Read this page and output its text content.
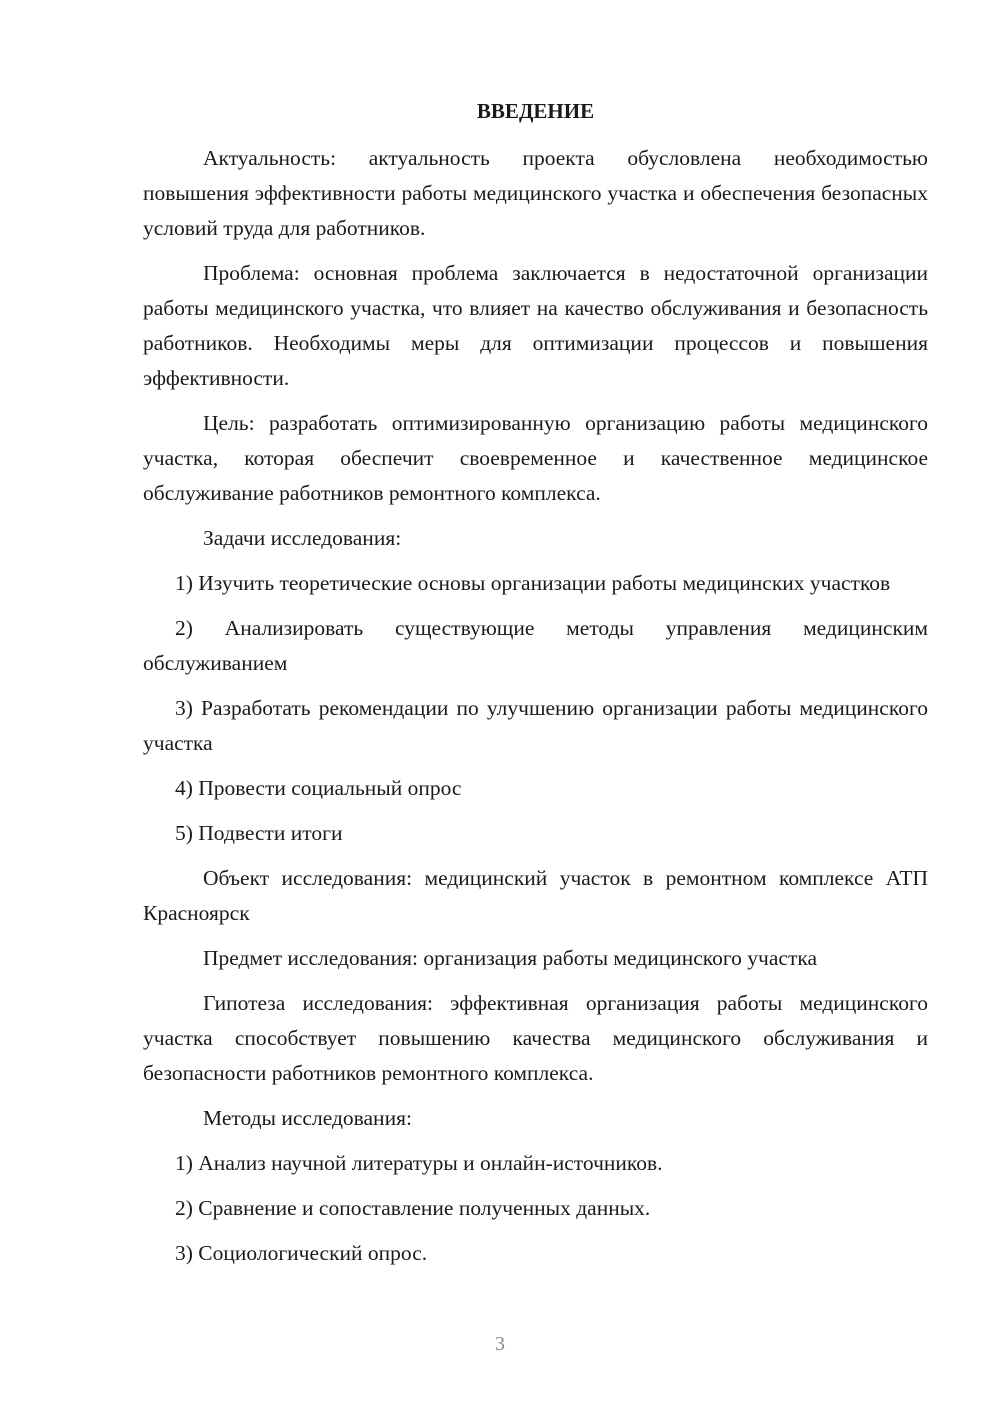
ВВЕДЕНИЕ

Актуальность: актуальность проекта обусловлена необходимостью повышения эффективности работы медицинского участка и обеспечения безопасных условий труда для работников.

Проблема: основная проблема заключается в недостаточной организации работы медицинского участка, что влияет на качество обслуживания и безопасность работников. Необходимы меры для оптимизации процессов и повышения эффективности.

Цель: разработать оптимизированную организацию работы медицинского участка, которая обеспечит своевременное и качественное медицинское обслуживание работников ремонтного комплекса.

Задачи исследования:

1) Изучить теоретические основы организации работы медицинских участков

2) Анализировать существующие методы управления медицинским обслуживанием

3) Разработать рекомендации по улучшению организации работы медицинского участка

4) Провести социальный опрос

5) Подвести итоги

Объект исследования: медицинский участок в ремонтном комплексе АТП Красноярск

Предмет исследования: организация работы медицинского участка

Гипотеза исследования: эффективная организация работы медицинского участка способствует повышению качества медицинского обслуживания и безопасности работников ремонтного комплекса.

Методы исследования:

1) Анализ научной литературы и онлайн-источников.

2) Сравнение и сопоставление полученных данных.

3) Социологический опрос.

3
